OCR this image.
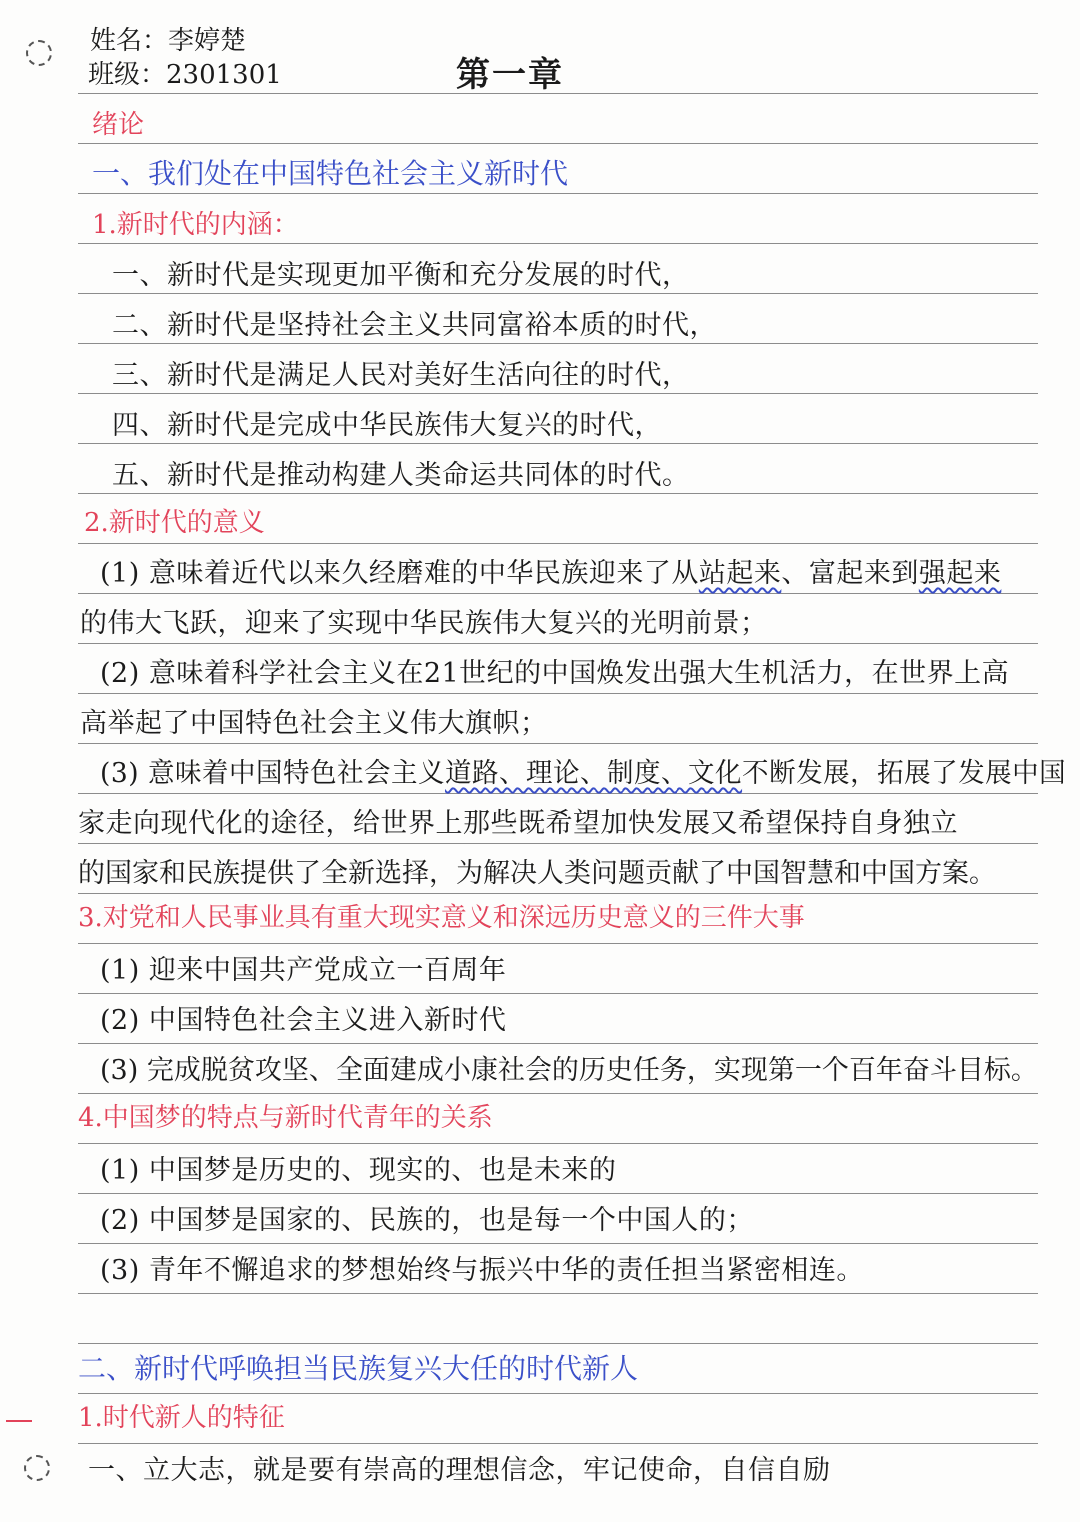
姓名：李婷楚
班级：2301301	第一章
绪论
一、我们处在中国特色社会主义新时代
1.新时代的内涵：
一、新时代是实现更加平衡和充分发展的时代，
二、新时代是坚持社会主义共同富裕本质的时代，
三、新时代是满足人民对美好生活向往的时代，
四、新时代是完成中华民族伟大复兴的时代，
五、新时代是推动构建人类命运共同体的时代。
2.新时代的意义
(1) 意味着近代以来久经磨难的中华民族迎来了从站起来、富起来到强起来
的伟大飞跃，迎来了实现中华民族伟大复兴的光明前景；
(2) 意味着科学社会主义在21世纪的中国焕发出强大生机活力，在世界上高
高举起了中国特色社会主义伟大旗帜；
(3) 意味着中国特色社会主义道路、理论、制度、文化不断发展，拓展了发展中国
家走向现代化的途径，给世界上那些既希望加快发展又希望保持自身独立
的国家和民族提供了全新选择，为解决人类问题贡献了中国智慧和中国方案。
3.对党和人民事业具有重大现实意义和深远历史意义的三件大事
(1) 迎来中国共产党成立一百周年
(2) 中国特色社会主义进入新时代
(3) 完成脱贫攻坚、全面建成小康社会的历史任务，实现第一个百年奋斗目标。
4.中国梦的特点与新时代青年的关系
(1) 中国梦是历史的、现实的、也是未来的
(2) 中国梦是国家的、民族的，也是每一个中国人的；
(3) 青年不懈追求的梦想始终与振兴中华的责任担当紧密相连。
二、新时代呼唤担当民族复兴大任的时代新人
1.时代新人的特征
一、立大志，就是要有崇高的理想信念，牢记使命，自信自励
